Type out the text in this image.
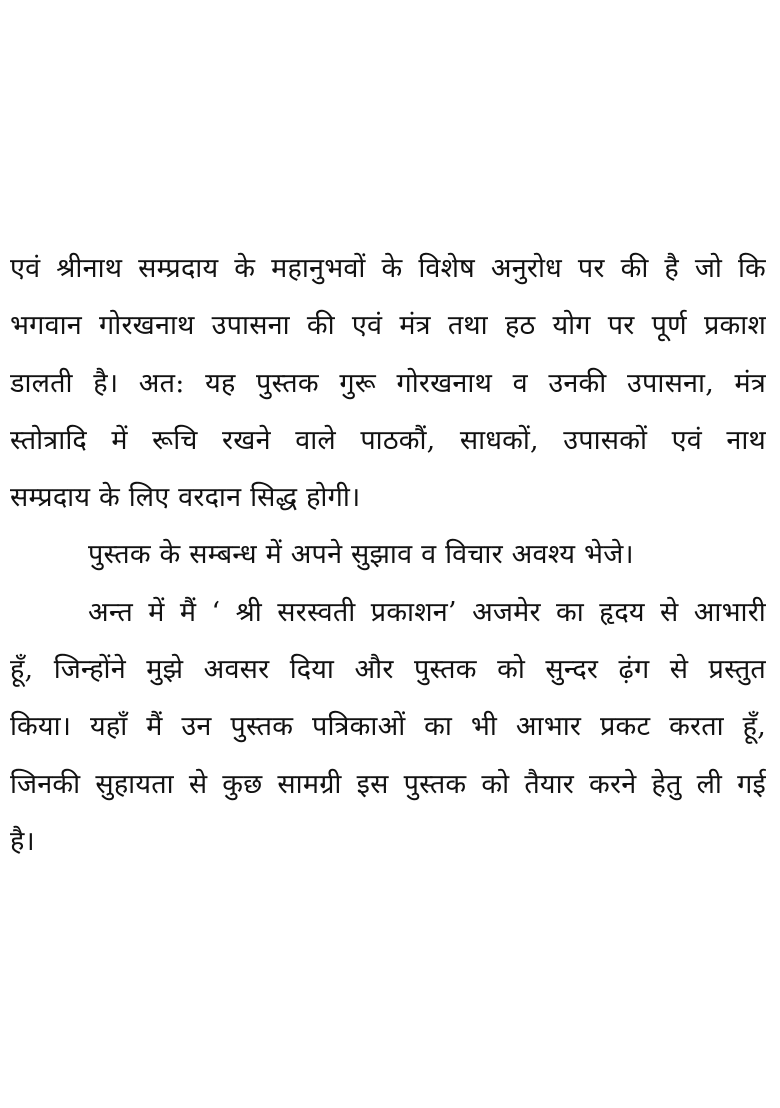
एवं श्रीनाथ सम्प्रदाय के महानुभवों के विशेष अनुरोध पर की है जो कि
भगवान गोरखनाथ उपासना की एवं मंत्र तथा हठ योग पर पूर्ण प्रकाश
डालती है। अत: यह पुस्तक गुरू गोरखनाथ व उनकी उपासना, मंत्र
स्तोत्रादि में रूचि रखने वाले पाठकौं, साधकों, उपासकों एवं नाथ
सम्प्रदाय के लिए वरदान सिद्ध होगी।
पुस्तक के सम्बन्ध में अपने सुझाव व विचार अवश्य भेजे।
अन्त में मैं ‘ श्री सरस्वती प्रकाशन’ अजमेर का हृदय से आभारी
हूँ, जिन्होंने मुझे अवसर दिया और पुस्तक को सुन्दर ढ़ंग से प्रस्तुत
किया। यहाँ मैं उन पुस्तक पत्रिकाओं का भी आभार प्रकट करता हूँ,
जिनकी सुहायता से कुछ सामग्री इस पुस्तक को तैयार करने हेतु ली गई
है।
